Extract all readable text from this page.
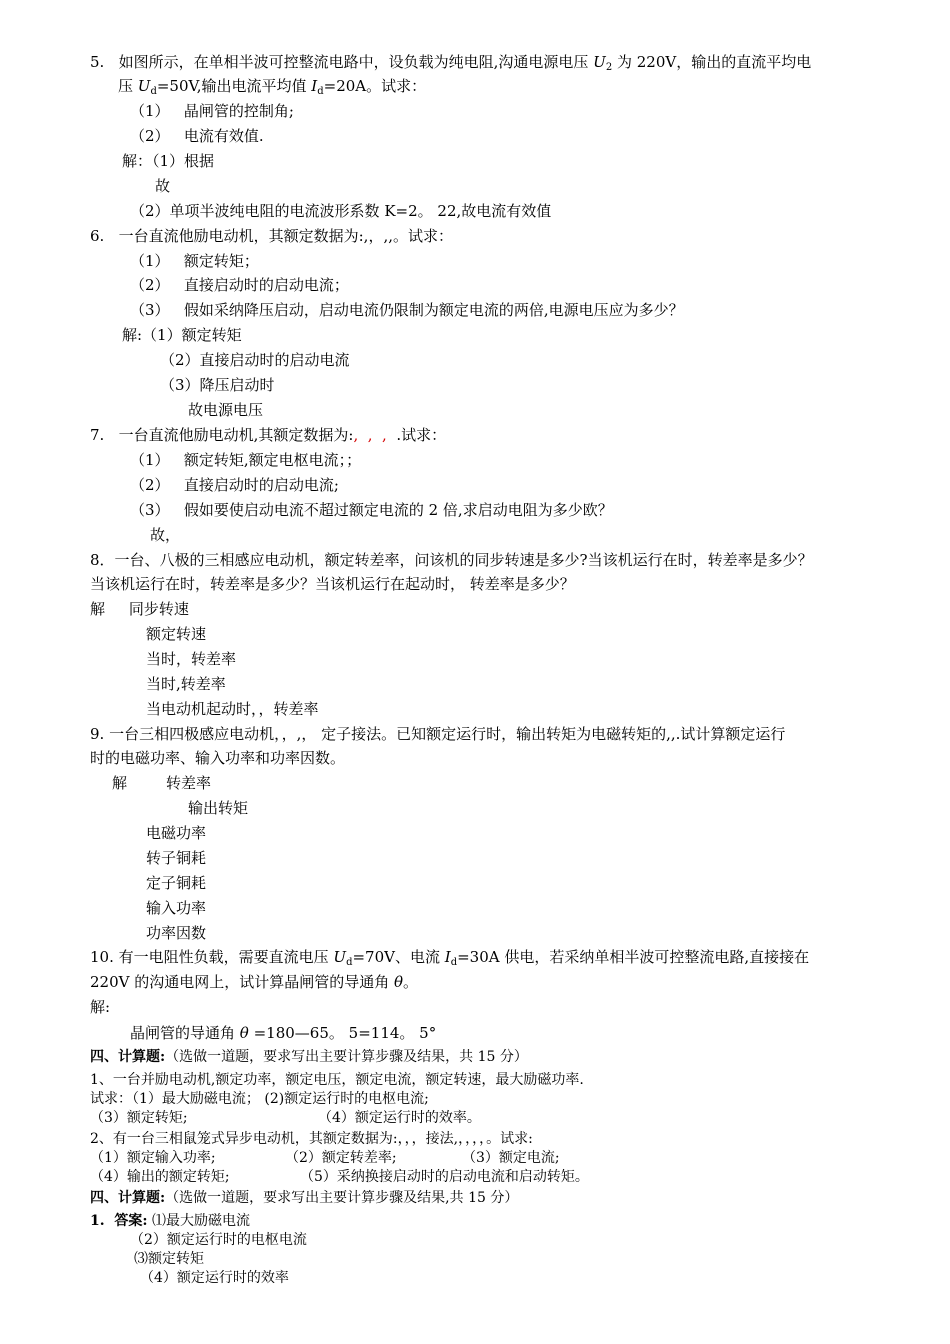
5.   如图所示，在单相半波可控整流电路中，设负载为纯电阻,沟通电源电压 $U_2$ 为 220V，输出的直流平均电
压 $U_d=50V$,输出电流平均值 $I_d=20A$。试求：
（1）   晶闸管的控制角;
（2）   电流有效值.
解：（1）根据
故
（2）单项半波纯电阻的电流波形系数 K=2。 22,故电流有效值
6.   一台直流他励电动机，其额定数据为:,，,,。试求：
（1）   额定转矩；
（2）   直接启动时的启动电流；
（3）   假如采纳降压启动，启动电流仍限制为额定电流的两倍,电源电压应为多少？
解:（1）额定转矩
（2）直接启动时的启动电流
（3）降压启动时
故电源电压
7.   一台直流他励电动机,其额定数据为:,  ,  ,  .试求：
（1）   额定转矩,额定电枢电流；；
（2）   直接启动时的启动电流;
（3）   假如要使启动电流不超过额定电流的 2 倍,求启动电阻为多少欧？
故，
8．一台、八极的三相感应电动机，额定转差率，问该机的同步转速是多少?当该机运行在时，转差率是多少？
当该机运行在时，转差率是多少？当该机运行在起动时， 转差率是多少？
解     同步转速
额定转速
当时，转差率
当时,转差率
当电动机起动时，，转差率
9. 一台三相四极感应电动机，，,， 定子接法。已知额定运行时，输出转矩为电磁转矩的,,.试计算额定运行
时的电磁功率、输入功率和功率因数。
解	转差率
输出转矩
电磁功率
转子铜耗
定子铜耗
输入功率
功率因数
10. 有一电阻性负载，需要直流电压 $U_d=70V$、电流 $I_d=30A$ 供电，若采纳单相半波可控整流电路,直接接在
220V 的沟通电网上，试计算晶闸管的导通角 θ。
解:
晶闸管的导通角 θ =180—65。 5=114。 5°
四、计算题:（选做一道题，要求写出主要计算步骤及结果，共 15 分）
1、一台并励电动机,额定功率，额定电压，额定电流，额定转速，最大励磁功率.
试求：（1）最大励磁电流； (2)额定运行时的电枢电流;
（3）额定转矩;	（4）额定运行时的效率。
2、有一台三相鼠笼式异步电动机，其额定数据为:，，，接法,，，，，。试求:
（1）额定输入功率;	（2）额定转差率;	（3）额定电流;
（4）输出的额定转矩;	（5）采纳换接启动时的启动电流和启动转矩。
四、计算题:（选做一道题，要求写出主要计算步骤及结果,共 15 分）
1.  答案: ⑴最大励磁电流
（2）额定运行时的电枢电流
⑶额定转矩
（4）额定运行时的效率
